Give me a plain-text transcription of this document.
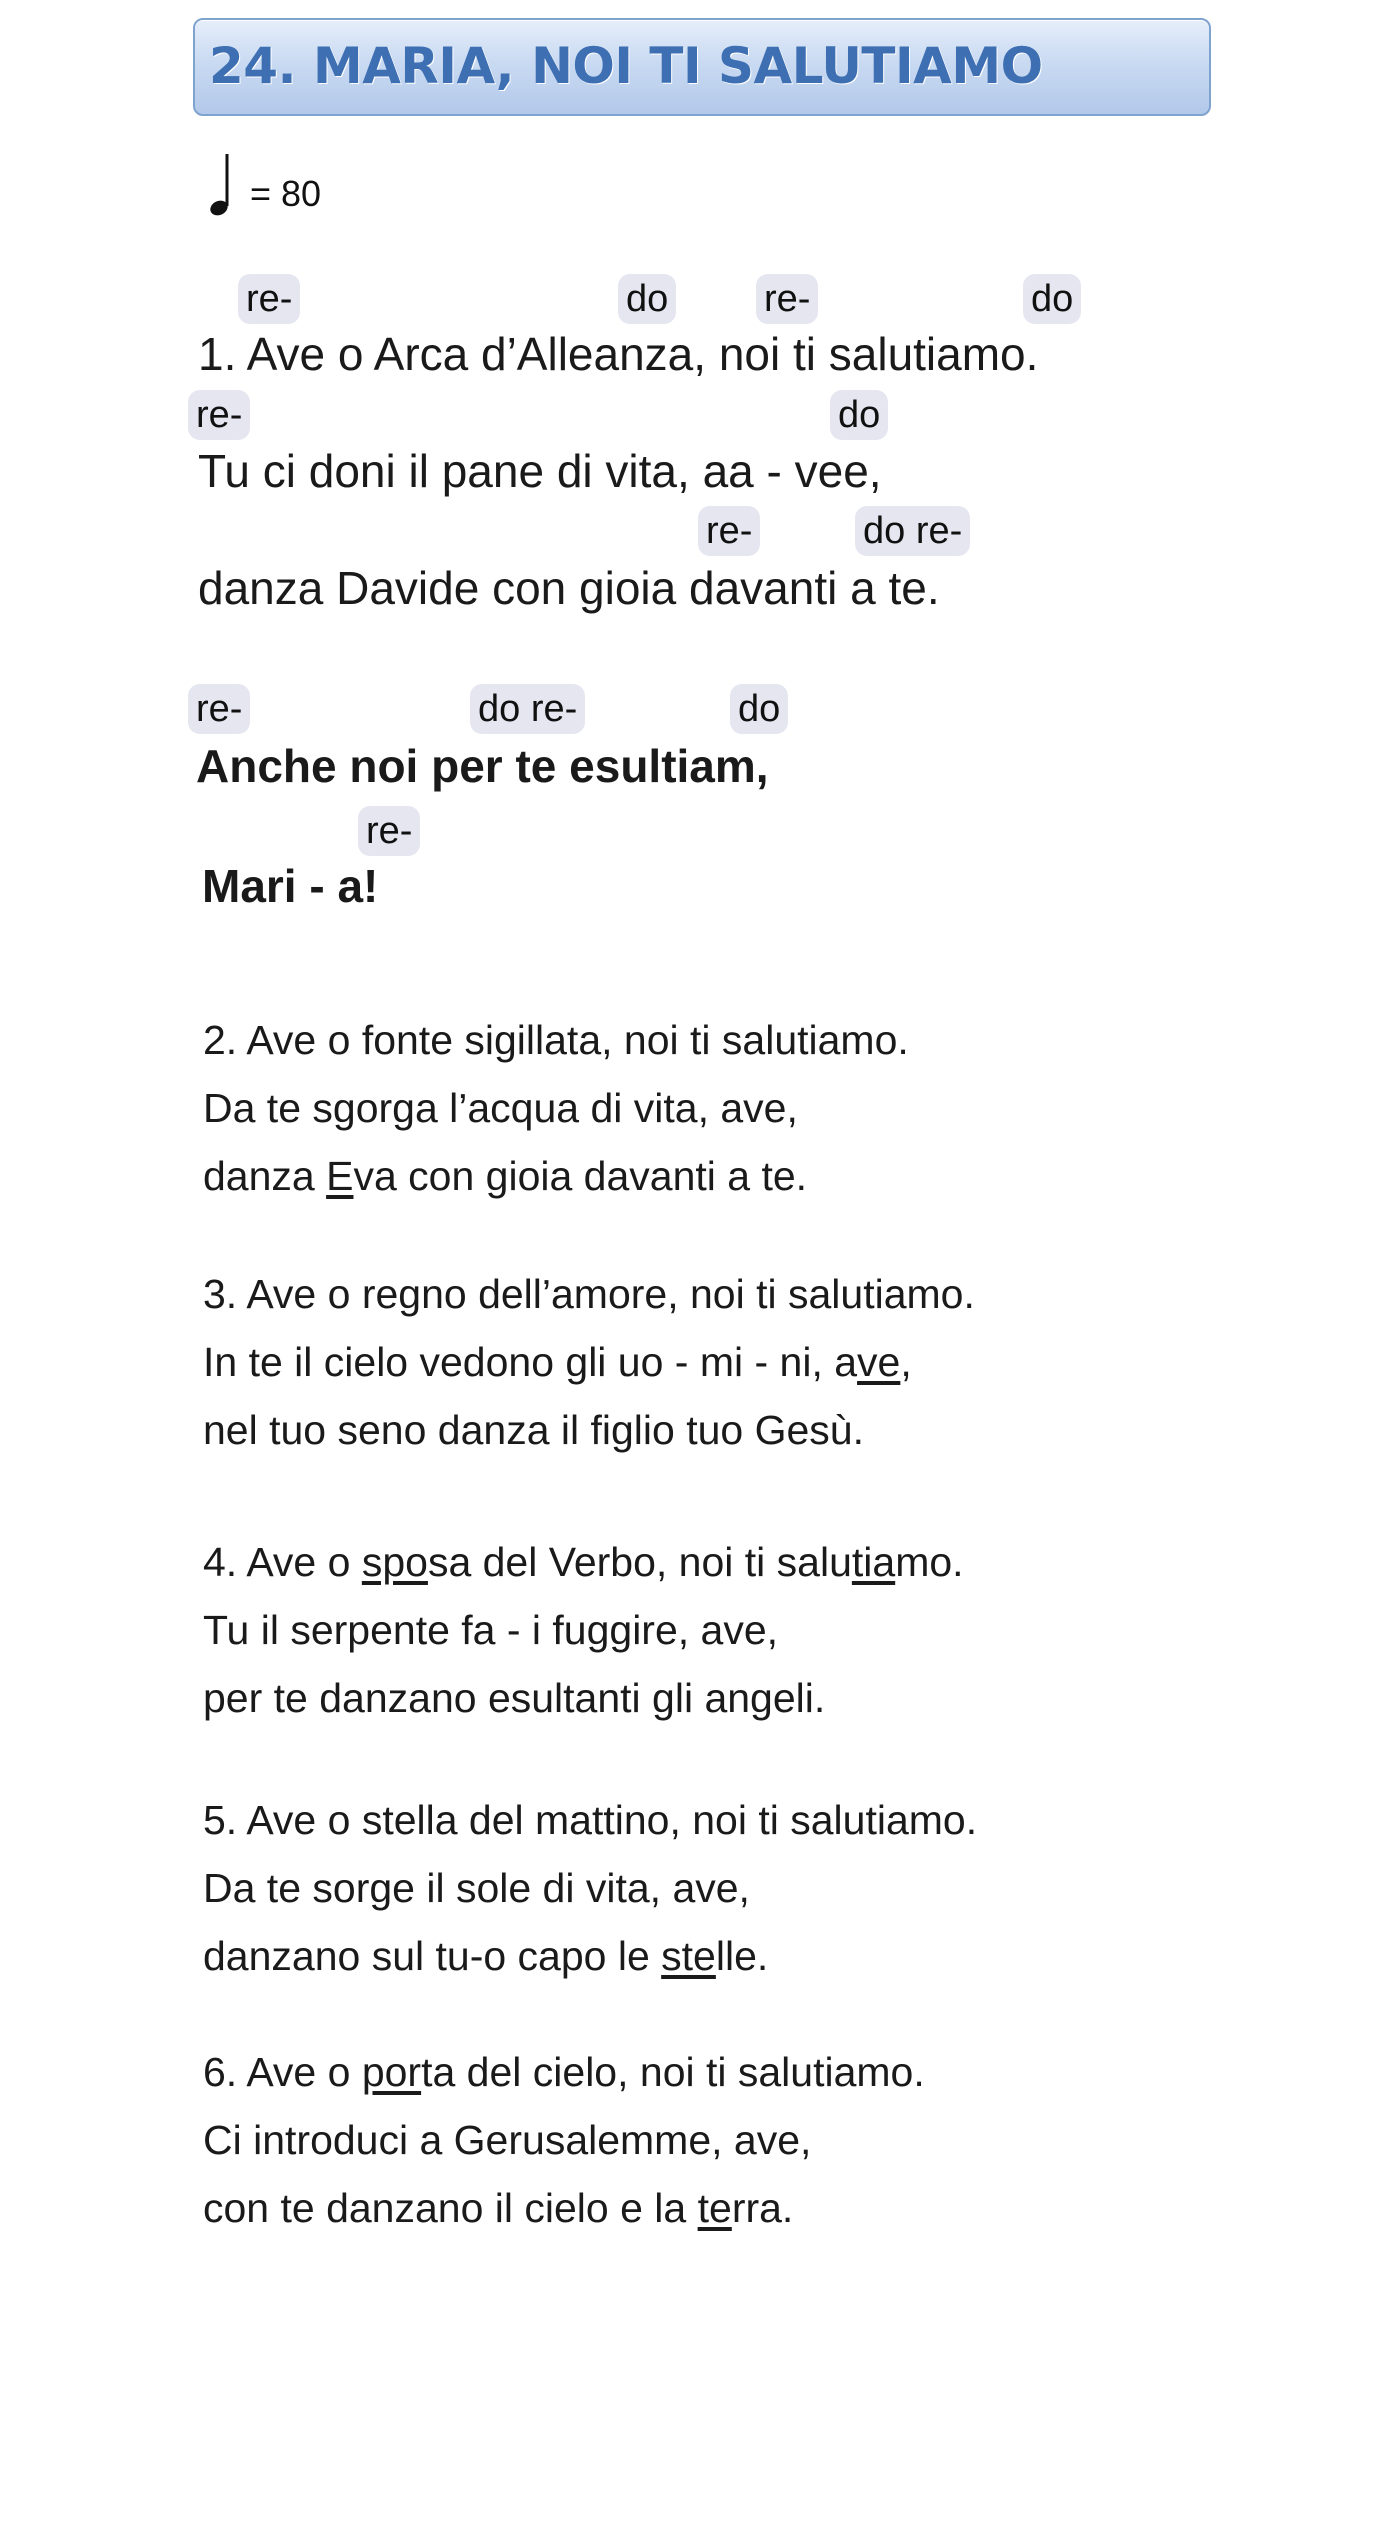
24. MARIA, NOI TI SALUTIAMO
= 80
re-	do	re-	do
1. Ave o Arca d’Alleanza, noi ti salutiamo.
re-	do
Tu ci doni il pane di vita, aa - vee,
re-	do re-
danza Davide con gioia davanti a te.
re-	do re-	do
Anche noi per te esultiam,
re-
Mari - a!
2. Ave o fonte sigillata, noi ti salutiamo.
Da te sgorga l’acqua di vita, ave,
danza Eva con gioia davanti a te.
3. Ave o regno dell’amore, noi ti salutiamo.
In te il cielo vedono gli uo - mi - ni, ave,
nel tuo seno danza il figlio tuo Gesù.
4. Ave o sposa del Verbo, noi ti salutiamo.
Tu il serpente fa - i fuggire, ave,
per te danzano esultanti gli angeli.
5. Ave o stella del mattino, noi ti salutiamo.
Da te sorge il sole di vita, ave,
danzano sul tu-o capo le stelle.
6. Ave o porta del cielo, noi ti salutiamo.
Ci introduci a Gerusalemme, ave,
con te danzano il cielo e la terra.
